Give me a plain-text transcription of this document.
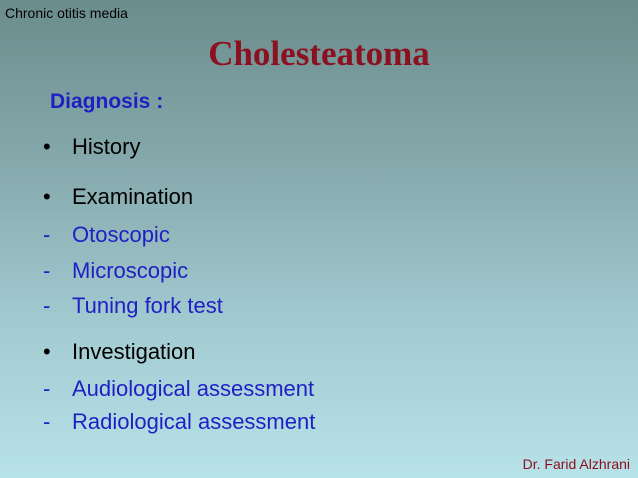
Chronic otitis media
Cholesteatoma
Diagnosis :
• History
• Examination
- Otoscopic
- Microscopic
- Tuning fork test
• Investigation
- Audiological assessment
- Radiological assessment
Dr. Farid Alzhrani
